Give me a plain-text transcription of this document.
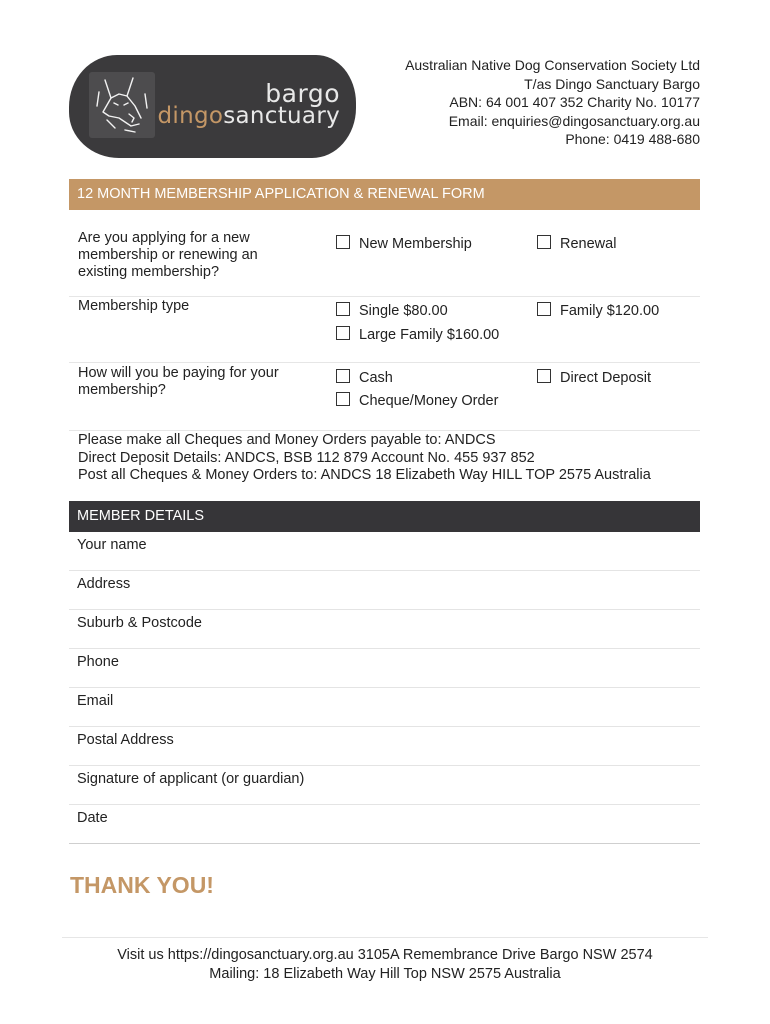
bargo
dingosanctuary
Australian Native Dog Conservation Society Ltd
T/as Dingo Sanctuary Bargo
ABN: 64 001 407 352 Charity No. 10177
Email: enquiries@dingosanctuary.org.au
Phone: 0419 488-680
12 MONTH MEMBERSHIP APPLICATION & RENEWAL FORM
Are you applying for a new membership or renewing an existing membership?
New Membership	Renewal
Membership type	Single $80.00	Family $120.00
Large Family $160.00
How will you be paying for your membership?
Cash	Direct Deposit
Cheque/Money Order
Please make all Cheques and Money Orders payable to: ANDCS
Direct Deposit Details: ANDCS, BSB 112 879 Account No. 455 937 852
Post all Cheques & Money Orders to: ANDCS 18 Elizabeth Way HILL TOP 2575 Australia
MEMBER DETAILS
Your name
Address
Suburb & Postcode
Phone
Email
Postal Address
Signature of applicant (or guardian)
Date
THANK YOU!
Visit us https://dingosanctuary.org.au 3105A Remembrance Drive Bargo NSW 2574
Mailing: 18 Elizabeth Way Hill Top NSW 2575 Australia
